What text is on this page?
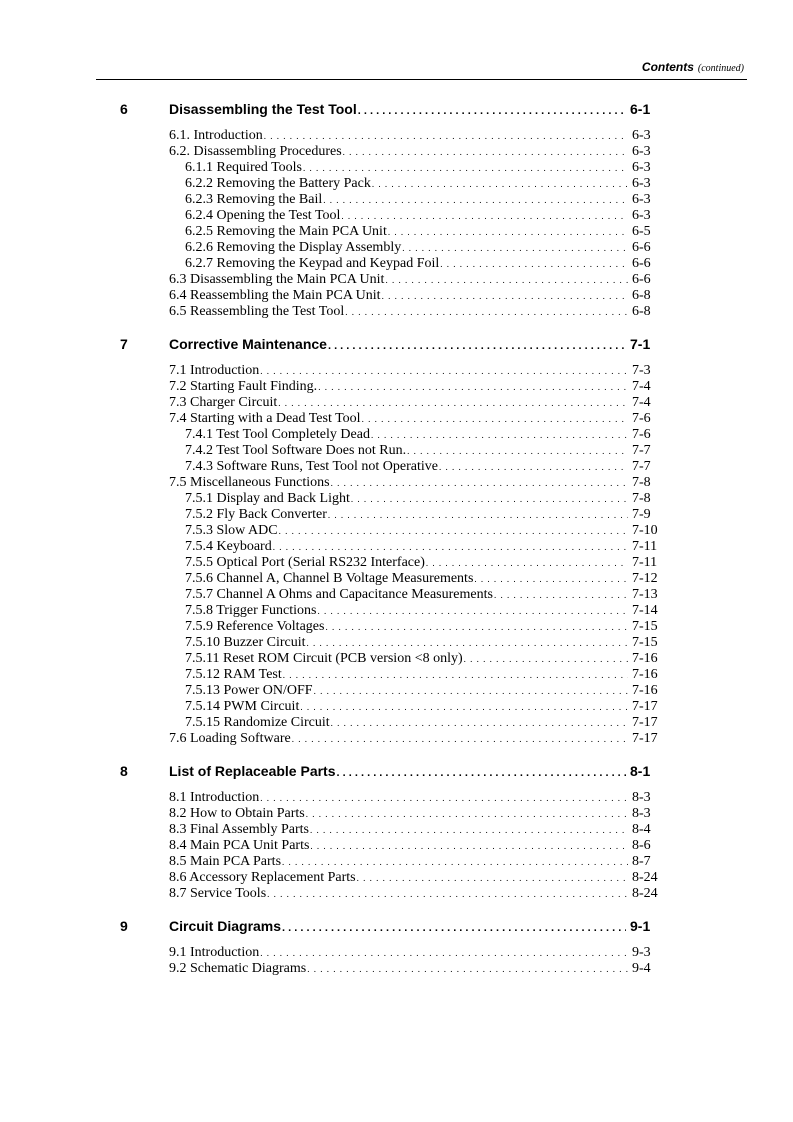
Contents (continued)
6	Disassembling the Test Tool . . .	6-1
6.1. Introduction . . .	6-3
6.2. Disassembling Procedures . . .	6-3
6.1.1 Required Tools . . .	6-3
6.2.2 Removing the Battery Pack . . .	6-3
6.2.3 Removing the Bail . . .	6-3
6.2.4 Opening the Test Tool . . .	6-3
6.2.5 Removing the Main PCA Unit . . .	6-5
6.2.6 Removing the Display Assembly . . .	6-6
6.2.7 Removing the Keypad and Keypad Foil . . .	6-6
6.3 Disassembling the Main PCA Unit . . .	6-6
6.4 Reassembling the Main PCA Unit . . .	6-8
6.5 Reassembling the Test Tool . . .	6-8
7	Corrective Maintenance . . .	7-1
7.1 Introduction . . .	7-3
7.2 Starting Fault Finding. . . .	7-4
7.3 Charger Circuit . . .	7-4
7.4 Starting with a Dead Test Tool . . .	7-6
7.4.1 Test Tool Completely Dead . . .	7-6
7.4.2 Test Tool Software Does not Run. . . .	7-7
7.4.3 Software Runs, Test Tool not Operative . . .	7-7
7.5 Miscellaneous Functions . . .	7-8
7.5.1 Display and Back Light . . .	7-8
7.5.2 Fly Back Converter . . .	7-9
7.5.3 Slow ADC . . .	7-10
7.5.4 Keyboard . . .	7-11
7.5.5 Optical Port (Serial RS232 Interface) . . .	7-11
7.5.6 Channel A, Channel B Voltage Measurements . . .	7-12
7.5.7 Channel A Ohms and Capacitance Measurements . . .	7-13
7.5.8 Trigger Functions . . .	7-14
7.5.9 Reference Voltages . . .	7-15
7.5.10 Buzzer Circuit . . .	7-15
7.5.11 Reset ROM Circuit (PCB version <8 only) . . .	7-16
7.5.12 RAM Test . . .	7-16
7.5.13 Power ON/OFF . . .	7-16
7.5.14 PWM Circuit . . .	7-17
7.5.15 Randomize Circuit . . .	7-17
7.6 Loading Software . . .	7-17
8	List of Replaceable Parts . . .	8-1
8.1 Introduction . . .	8-3
8.2 How to Obtain Parts . . .	8-3
8.3 Final Assembly Parts . . .	8-4
8.4 Main PCA Unit Parts . . .	8-6
8.5 Main PCA Parts . . .	8-7
8.6 Accessory Replacement Parts . . .	8-24
8.7 Service Tools . . .	8-24
9	Circuit Diagrams . . .	9-1
9.1 Introduction . . .	9-3
9.2 Schematic Diagrams . . .	9-4
